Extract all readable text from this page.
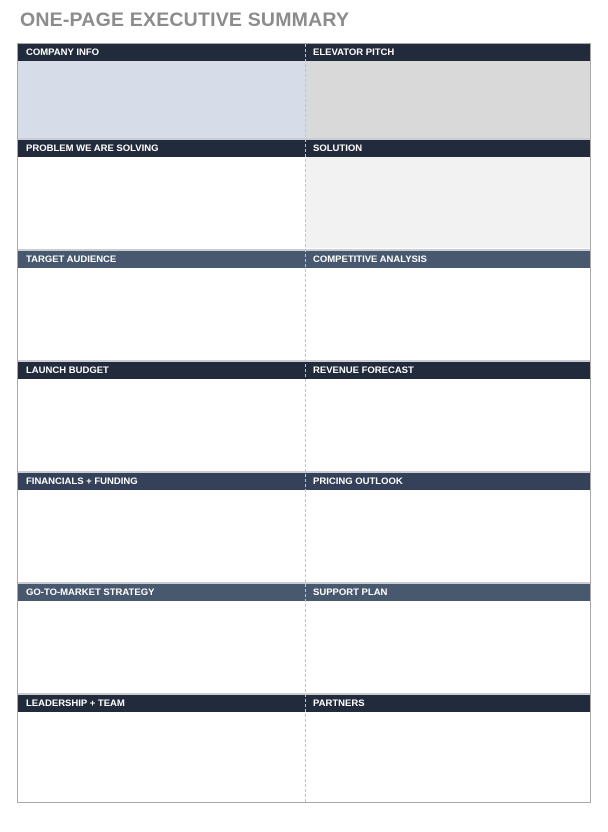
ONE-PAGE EXECUTIVE SUMMARY
COMPANY INFO	ELEVATOR PITCH
PROBLEM WE ARE SOLVING	SOLUTION
TARGET AUDIENCE	COMPETITIVE ANALYSIS
LAUNCH BUDGET	REVENUE FORECAST
FINANCIALS + FUNDING	PRICING OUTLOOK
GO-TO-MARKET STRATEGY	SUPPORT PLAN
LEADERSHIP + TEAM	PARTNERS
